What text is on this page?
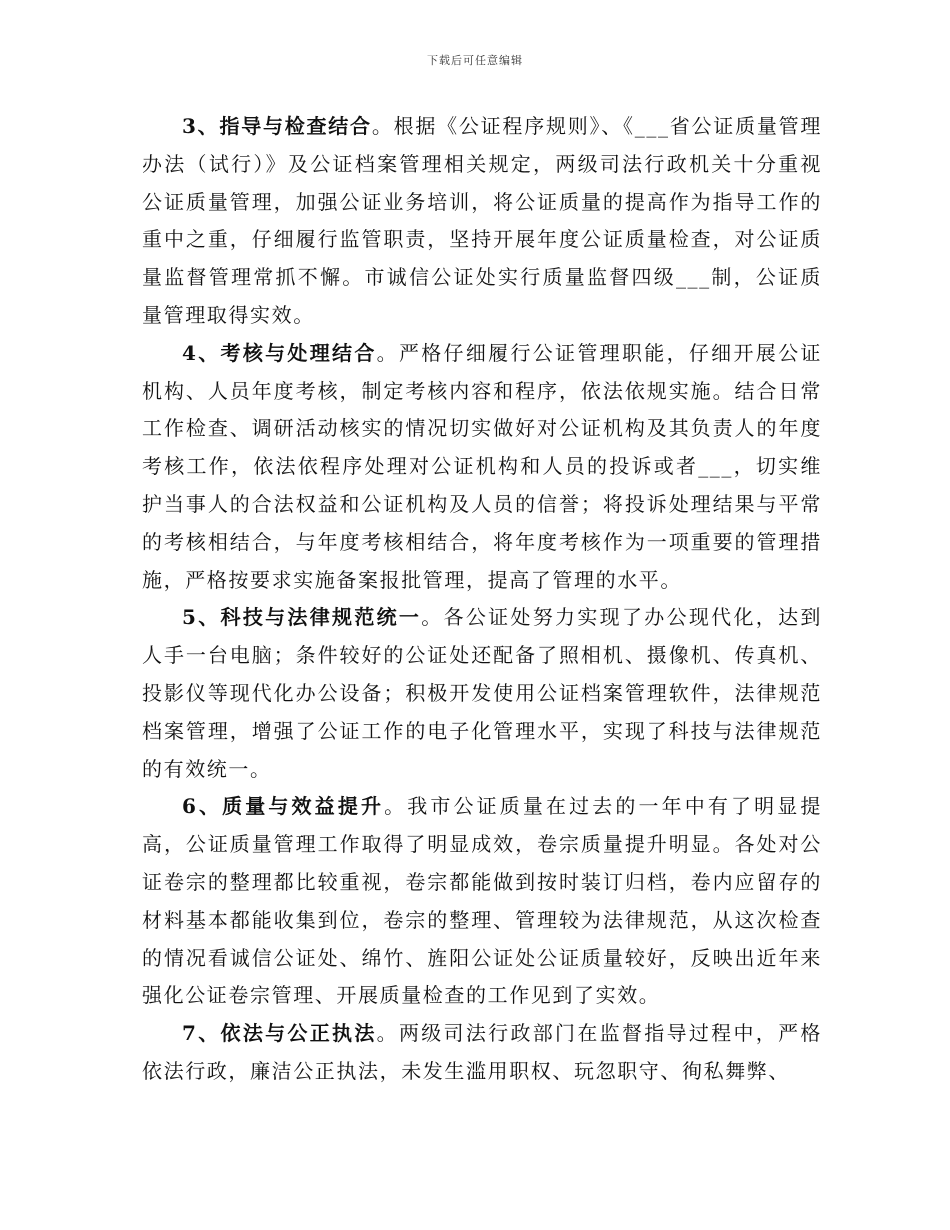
下载后可任意编辑

3、指导与检查结合。根据《公证程序规则》、《___省公证质量管理办法（试行）》及公证档案管理相关规定，两级司法行政机关十分重视公证质量管理，加强公证业务培训，将公证质量的提高作为指导工作的重中之重，仔细履行监管职责，坚持开展年度公证质量检查，对公证质量监督管理常抓不懈。市诚信公证处实行质量监督四级___制，公证质量管理取得实效。

4、考核与处理结合。严格仔细履行公证管理职能，仔细开展公证机构、人员年度考核，制定考核内容和程序，依法依规实施。结合日常工作检查、调研活动核实的情况切实做好对公证机构及其负责人的年度考核工作，依法依程序处理对公证机构和人员的投诉或者___，切实维护当事人的合法权益和公证机构及人员的信誉；将投诉处理结果与平常的考核相结合，与年度考核相结合，将年度考核作为一项重要的管理措施，严格按要求实施备案报批管理，提高了管理的水平。

5、科技与法律规范统一。各公证处努力实现了办公现代化，达到人手一台电脑；条件较好的公证处还配备了照相机、摄像机、传真机、投影仪等现代化办公设备；积极开发使用公证档案管理软件，法律规范档案管理，增强了公证工作的电子化管理水平，实现了科技与法律规范的有效统一。

6、质量与效益提升。我市公证质量在过去的一年中有了明显提高，公证质量管理工作取得了明显成效，卷宗质量提升明显。各处对公证卷宗的整理都比较重视，卷宗都能做到按时装订归档，卷内应留存的材料基本都能收集到位，卷宗的整理、管理较为法律规范，从这次检查的情况看诚信公证处、绵竹、旌阳公证处公证质量较好，反映出近年来强化公证卷宗管理、开展质量检查的工作见到了实效。

7、依法与公正执法。两级司法行政部门在监督指导过程中，严格依法行政，廉洁公正执法，未发生滥用职权、玩忽职守、徇私舞弊、
